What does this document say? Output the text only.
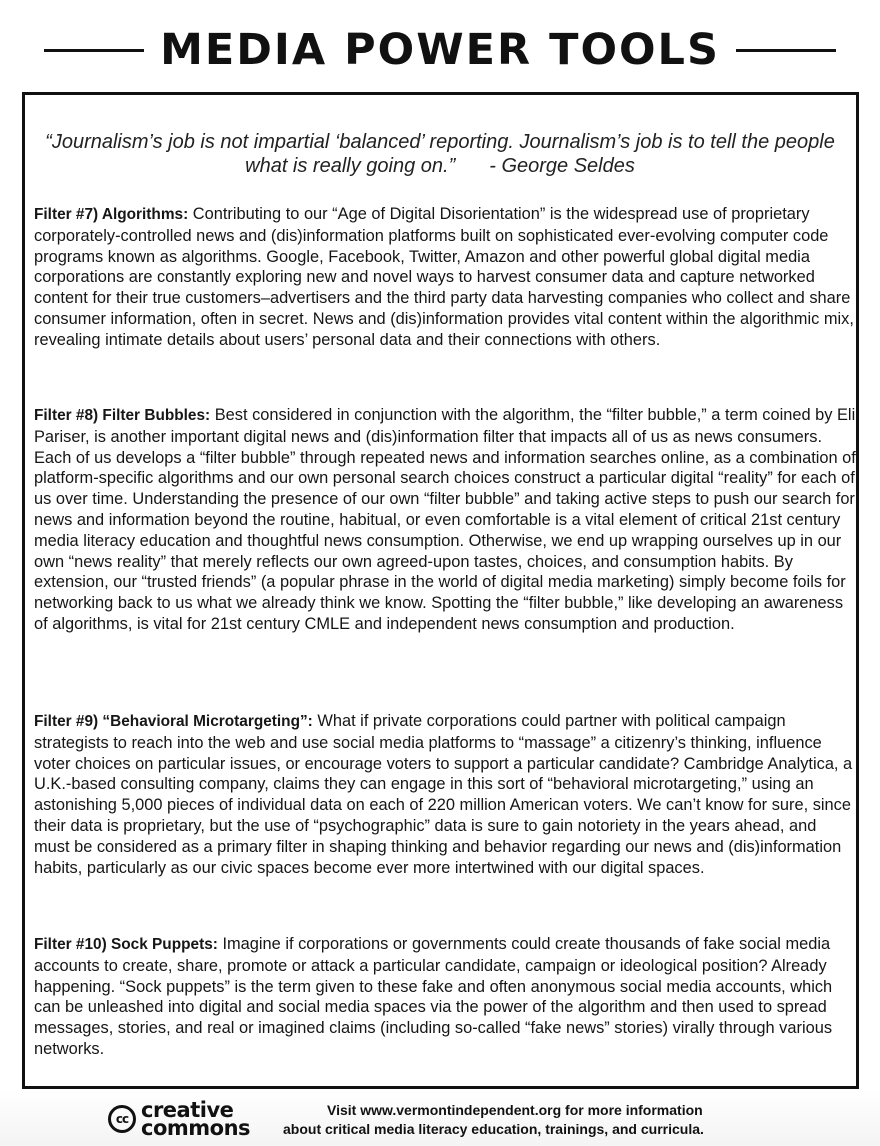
MEDIA POWER TOOLS

“Journalism’s job is not impartial ‘balanced’ reporting. Journalism’s job is to tell the people what is really going on.” - George Seldes

Filter #7) Algorithms: Contributing to our “Age of Digital Disorientation” is the widespread use of proprietary corporately-controlled news and (dis)information platforms built on sophisticated ever-evolving computer code programs known as algorithms. Google, Facebook, Twitter, Amazon and other powerful global digital media corporations are constantly exploring new and novel ways to harvest consumer data and capture networked content for their true customers–advertisers and the third party data harvesting companies who collect and share consumer information, often in secret. News and (dis)information provides vital content within the algorithmic mix, revealing intimate details about users’ personal data and their connections with others.

Filter #8) Filter Bubbles: Best considered in conjunction with the algorithm, the “filter bubble,” a term coined by Eli Pariser, is another important digital news and (dis)information filter that impacts all of us as news consumers. Each of us develops a “filter bubble” through repeated news and information searches online, as a combination of platform-specific algorithms and our own personal search choices construct a particular digital “reality” for each of us over time. Understanding the presence of our own “filter bubble” and taking active steps to push our search for news and information beyond the routine, habitual, or even comfortable is a vital element of critical 21st century media literacy education and thoughtful news consumption. Otherwise, we end up wrapping ourselves up in our own “news reality” that merely reflects our own agreed-upon tastes, choices, and consumption habits. By extension, our “trusted friends” (a popular phrase in the world of digital media marketing) simply become foils for networking back to us what we already think we know. Spotting the “filter bubble,” like developing an awareness of algorithms, is vital for 21st century CMLE and independent news consumption and production.

Filter #9) “Behavioral Microtargeting”: What if private corporations could partner with political campaign strategists to reach into the web and use social media platforms to “massage” a citizenry’s thinking, influence voter choices on particular issues, or encourage voters to support a particular candidate? Cambridge Analytica, a U.K.-based consulting company, claims they can engage in this sort of “behavioral microtargeting,” using an astonishing 5,000 pieces of individual data on each of 220 million American voters. We can’t know for sure, since their data is proprietary, but the use of “psychographic” data is sure to gain notoriety in the years ahead, and must be considered as a primary filter in shaping thinking and behavior regarding our news and (dis)information habits, particularly as our civic spaces become ever more intertwined with our digital spaces.

Filter #10) Sock Puppets: Imagine if corporations or governments could create thousands of fake social media accounts to create, share, promote or attack a particular candidate, campaign or ideological position? Already happening. “Sock puppets” is the term given to these fake and often anonymous social media accounts, which can be unleashed into digital and social media spaces via the power of the algorithm and then used to spread messages, stories, and real or imagined claims (including so-called “fake news” stories) virally through various networks.

cc creative
commons

Visit www.vermontindependent.org for more information
about critical media literacy education, trainings, and curricula.
